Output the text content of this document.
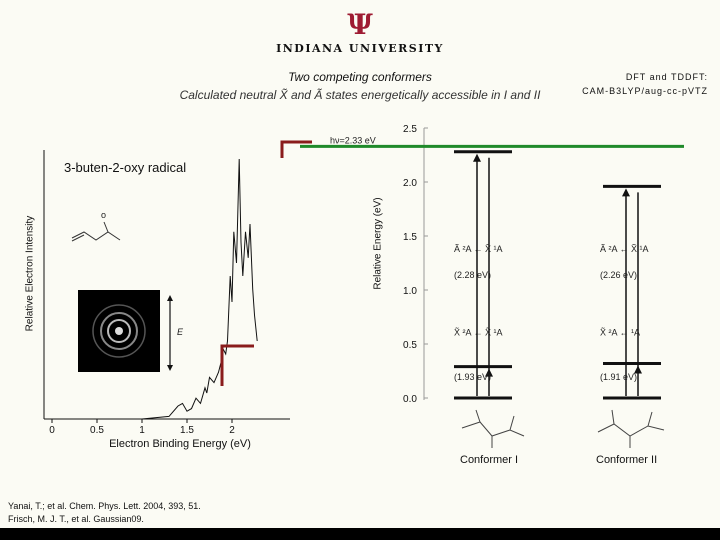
Ψ
INDIANA UNIVERSITY
Two competing conformers
Calculated neutral X̃ and Ã states energetically accessible in I and II
DFT and TDDFT:
CAM-B3LYP/aug-cc-pVTZ
3-buten-2-oxy radical
Relative Electron Intensity
Electron Binding Energy (eV)
Relative Energy (eV)
o
E
0	0.5	1	1.5	2
0.0
0.5
1.0
1.5
2.0
2.5
hν=2.33 eV
Ã ²A ← X̃ ¹A
(2.28 eV)
X̃ ²A ← X̃ ¹A
(1.93 eV)
Ã ²A ← X̃ ¹A
(2.26 eV)
X̃ ²A ← ¹A
(1.91 eV)
Conformer I	Conformer II
Yanai, T.; et al. Chem. Phys. Lett. 2004, 393, 51.
Frisch, M. J. T., et al. Gaussian09.
